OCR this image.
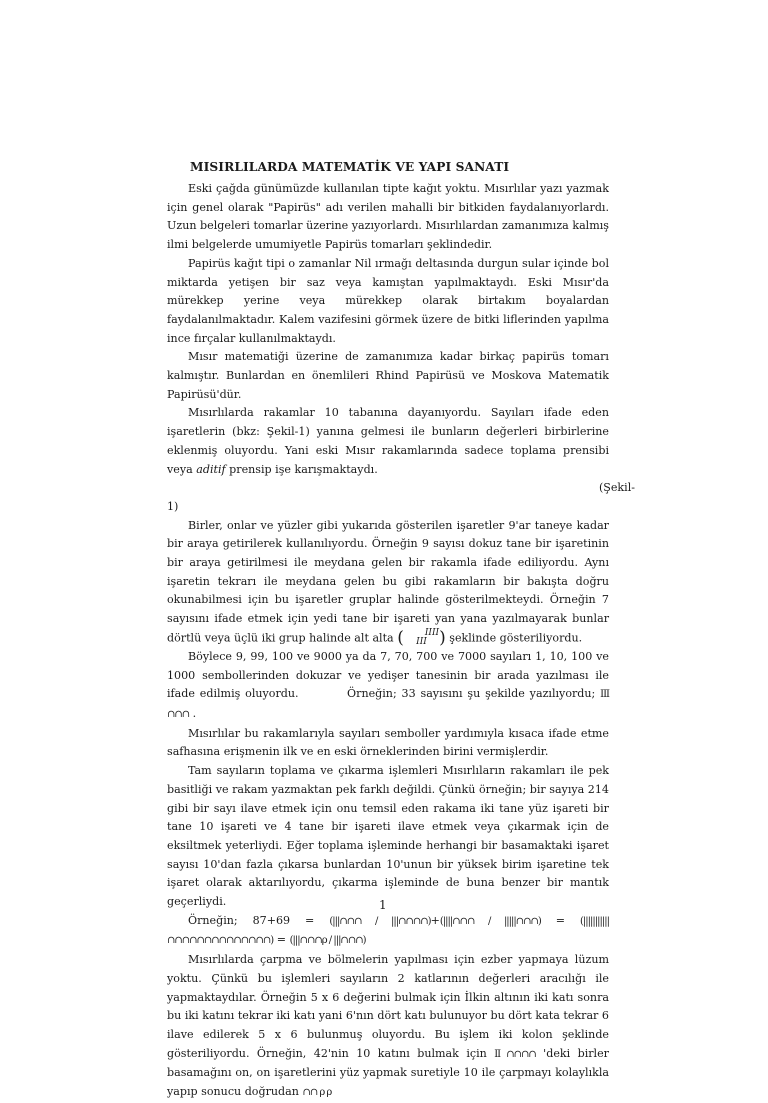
MISIRLILARDA MATEMATİK VE YAPI SANATI

Eski çağda günümüzde kullanılan tipte kağıt yoktu. Mısırlılar yazı yazmak için genel olarak "Papirüs" adı verilen mahalli bir bitkiden faydalanıyorlardı. Uzun belgeleri tomarlar üzerine yazıyorlardı. Mısırlılardan zamanımıza kalmış ilmi belgelerde umumiyetle Papirüs tomarları şeklindedir.

Papirüs kağıt tipi o zamanlar Nil ırmağı deltasında durgun sular içinde bol miktarda yetişen bir saz veya kamıştan yapılmaktaydı. Eski Mısır'da mürekkep yerine veya mürekkep olarak birtakım boyalardan faydalanılmaktadır. Kalem vazifesini görmek üzere de bitki liflerinden yapılma ince fırçalar kullanılmaktaydı.

Mısır matematiği üzerine de zamanımıza kadar birkaç papirüs tomarı kalmıştır. Bunlardan en önemlileri Rhind Papirüsü ve Moskova Matematik Papirüsü'dür.

Mısırlılarda rakamlar 10 tabanına dayanıyordu. Sayıları ifade eden işaretlerin (bkz: Şekil-1) yanına gelmesi ile bunların değerleri birbirlerine eklenmiş oluyordu. Yani eski Mısır rakamlarında sadece toplama prensibi veya aditif prensip işe karışmaktaydı.

(Şekil-

1)

Birler, onlar ve yüzler gibi yukarıda gösterilen işaretler 9'ar taneye kadar bir araya getirilerek kullanılıyordu. Örneğin 9 sayısı dokuz tane bir işaretinin bir araya getirilmesi ile meydana gelen bir rakamla ifade ediliyordu. Aynı işaretin tekrarı ile meydana gelen bu gibi rakamların bir bakışta doğru okunabilmesi için bu işaretler gruplar halinde gösterilmekteydi. Örneğin 7 sayısını ifade etmek için yedi tane bir işareti yan yana yazılmayarak bunlar dörtlü veya üçlü iki grup halinde alt alta ( IIII
III ) şeklinde gösteriliyordu.

Böylece 9, 99, 100 ve 9000 ya da 7, 70, 700 ve 7000 sayıları 1, 10, 100 ve 1000 sembollerinden dokuzar ve yedişer tanesinin bir arada yazılması ile ifade edilmiş oluyordu.	Örneğin; 33 sayısını şu şekilde yazılıyordu; III ∩∩∩ .

Mısırlılar bu rakamlarıyla sayıları semboller yardımıyla kısaca ifade etme safhasına erişmenin ilk ve en eski örneklerinden birini vermişlerdir.

Tam sayıların toplama ve çıkarma işlemleri Mısırlıların rakamları ile pek basitliği ve rakam yazmaktan pek farklı değildi. Çünkü örneğin; bir sayıya 214 gibi bir sayı ilave etmek için onu temsil eden rakama iki tane yüz işareti bir tane 10 işareti ve 4 tane bir işareti ilave etmek veya çıkarmak için de eksiltmek yeterliydi. Eğer toplama işleminde herhangi bir basamaktaki işaret sayısı 10'dan fazla çıkarsa bunlardan 10'unun bir yüksek birim işaretine tek işaret olarak aktarılıyordu, çıkarma işleminde de buna benzer bir mantık geçerliydi.

Örneğin; 87+69 = (|||∩∩∩ / |||∩∩∩∩)+(||||∩∩∩ / |||||∩∩∩) = (||||||||||| ∩∩∩∩∩∩∩∩∩∩∩∩∩∩) = (|||∩∩∩ρ / |||∩∩∩)

Mısırlılarda çarpma ve bölmelerin yapılması için ezber yapmaya lüzum yoktu. Çünkü bu işlemleri sayıların 2 katlarının değerleri aracılığı ile yapmaktaydılar. Örneğin 5 x 6 değerini bulmak için İlkin altının iki katı sonra bu iki katını tekrar iki katı yani 6'nın dört katı bulunuyor bu dört kata tekrar 6 ilave edilerek 5 x 6 bulunmuş oluyordu. Bu işlem iki kolon şeklinde gösteriliyordu. Örneğin, 42'nin 10 katını bulmak için II ∩∩∩∩ 'deki birler basamağını on, on işaretlerini yüz yapmak suretiyle 10 ile çarpmayı kolaylıkla yapıp sonucu doğrudan ∩∩ ρ ρ

1
